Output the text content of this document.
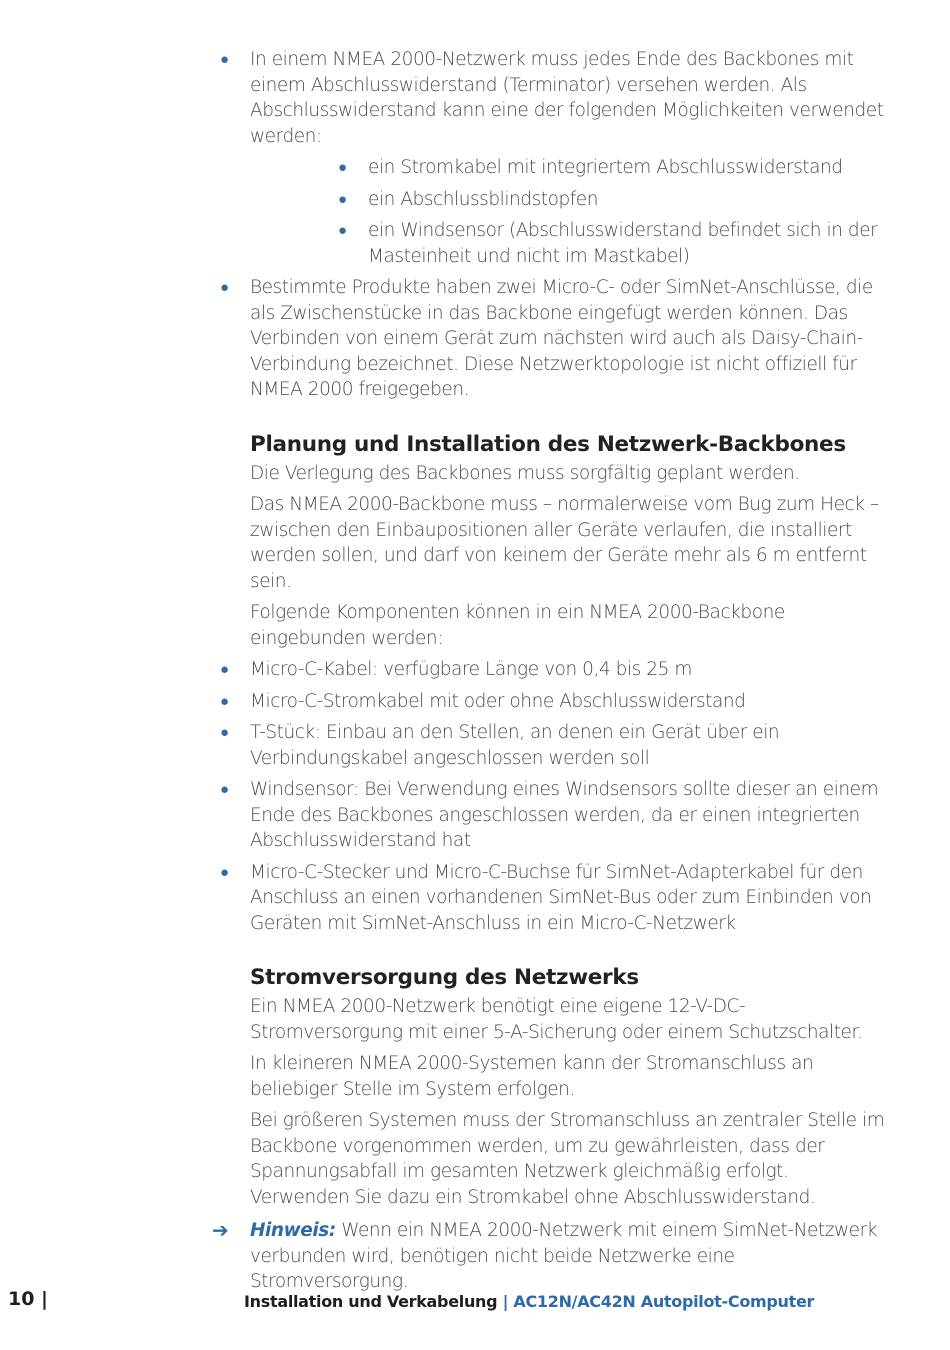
● In einem NMEA 2000-Netzwerk muss jedes Ende des Backbones mit einem Abschlusswiderstand (Terminator) versehen werden. Als Abschlusswiderstand kann eine der folgenden Möglichkeiten verwendet werden:
● ein Stromkabel mit integriertem Abschlusswiderstand
● ein Abschlussblindstopfen
● ein Windsensor (Abschlusswiderstand befindet sich in der Masteinheit und nicht im Mastkabel)
● Bestimmte Produkte haben zwei Micro-C- oder SimNet-Anschlüsse, die als Zwischenstücke in das Backbone eingefügt werden können. Das Verbinden von einem Gerät zum nächsten wird auch als Daisy-Chain-Verbindung bezeichnet. Diese Netzwerktopologie ist nicht offiziell für NMEA 2000 freigegeben.
Planung und Installation des Netzwerk-Backbones

Die Verlegung des Backbones muss sorgfältig geplant werden.

Das NMEA 2000-Backbone muss – normalerweise vom Bug zum Heck – zwischen den Einbaupositionen aller Geräte verlaufen, die installiert werden sollen, und darf von keinem der Geräte mehr als 6 m entfernt sein.

Folgende Komponenten können in ein NMEA 2000-Backbone eingebunden werden:

● Micro-C-Kabel: verfügbare Länge von 0,4 bis 25 m
● Micro-C-Stromkabel mit oder ohne Abschlusswiderstand
● T-Stück: Einbau an den Stellen, an denen ein Gerät über ein Verbindungskabel angeschlossen werden soll
● Windsensor: Bei Verwendung eines Windsensors sollte dieser an einem Ende des Backbones angeschlossen werden, da er einen integrierten Abschlusswiderstand hat
● Micro-C-Stecker und Micro-C-Buchse für SimNet-Adapterkabel für den Anschluss an einen vorhandenen SimNet-Bus oder zum Einbinden von Geräten mit SimNet-Anschluss in ein Micro-C-Netzwerk
Stromversorgung des Netzwerks

Ein NMEA 2000-Netzwerk benötigt eine eigene 12-V-DC-Stromversorgung mit einer 5-A-Sicherung oder einem Schutzschalter.

In kleineren NMEA 2000-Systemen kann der Stromanschluss an beliebiger Stelle im System erfolgen.

Bei größeren Systemen muss der Stromanschluss an zentraler Stelle im Backbone vorgenommen werden, um zu gewährleisten, dass der Spannungsabfall im gesamten Netzwerk gleichmäßig erfolgt. Verwenden Sie dazu ein Stromkabel ohne Abschlusswiderstand.

➔ Hinweis: Wenn ein NMEA 2000-Netzwerk mit einem SimNet-Netzwerk verbunden wird, benötigen nicht beide Netzwerke eine Stromversorgung.
10 |	Installation und Verkabelung | AC12N/AC42N Autopilot-Computer
